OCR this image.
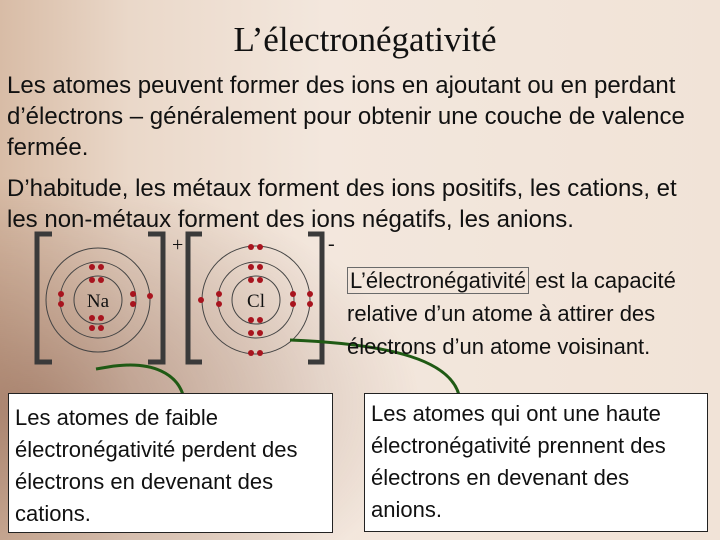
L’électronégativité
Les atomes peuvent former des ions en ajoutant ou en perdant d’électrons – généralement pour obtenir une couche de valence fermée.
D’habitude, les métaux forment des ions positifs, les cations, et les non-métaux forment des ions négatifs, les anions.
+
Na
-
Cl
L’électronégativité est la capacité relative d’un atome à attirer des électrons d’un atome voisinant.
Les atomes de faible électronégativité perdent des électrons en devenant des cations.
Les atomes qui ont une haute électronégativité prennent des électrons en devenant des anions.
